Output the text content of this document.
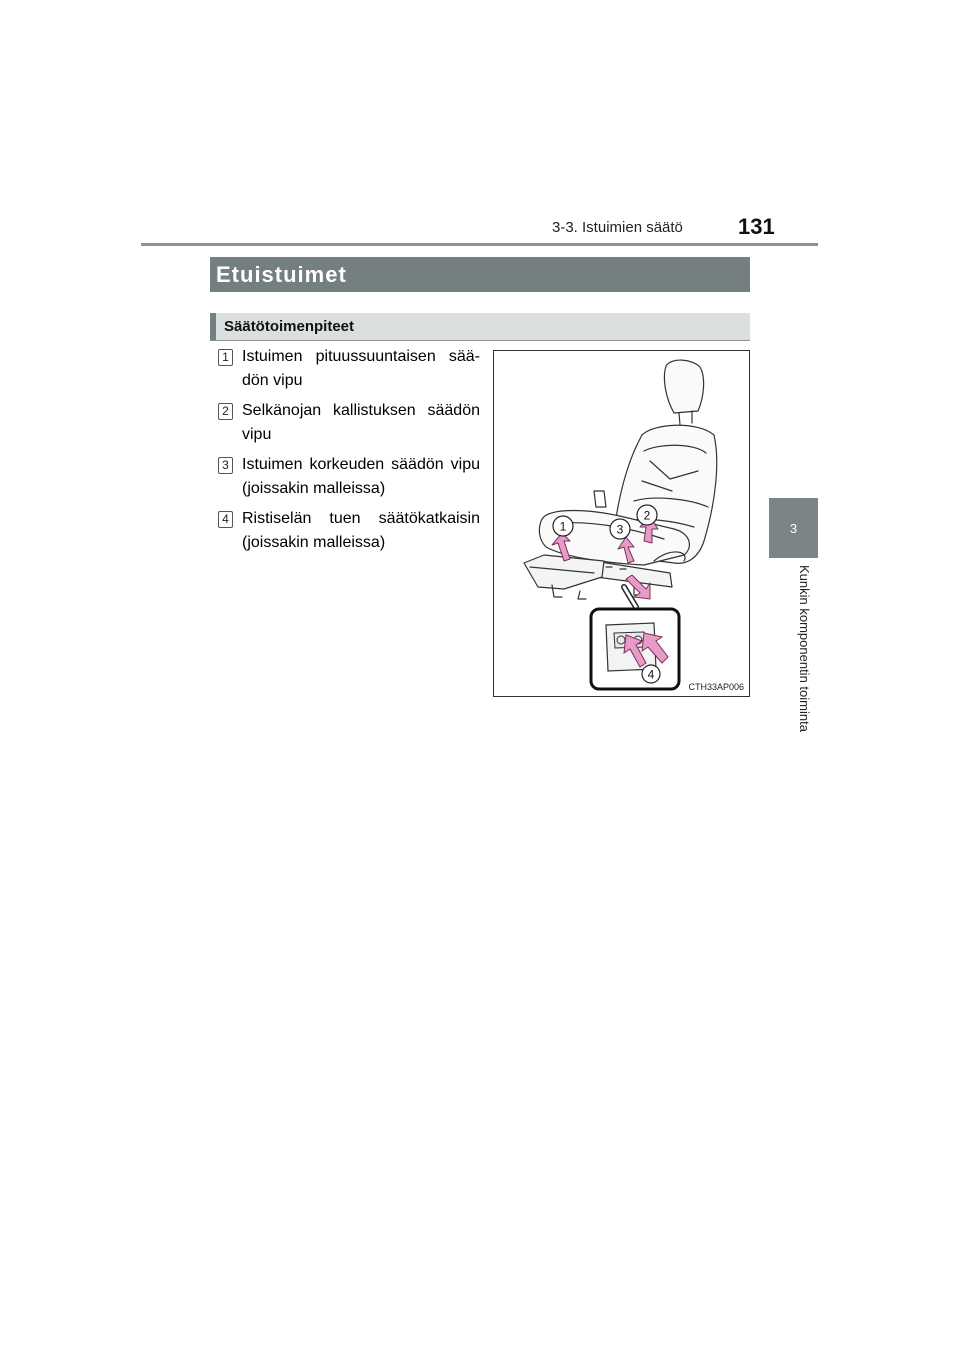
3-3. Istuimien säätö	131
3
Kunkin komponentin toiminta
Etuistuimet
Säätötoimenpiteet
1 Istuimen pituussuuntaisen sää-dön vipu
2 Selkänojan kallistuksen säädön vipu
3 Istuimen korkeuden säädön vipu (joissakin malleissa)
4 Ristiselän tuen säätökatkaisin (joissakin malleissa)
1	3
2
4
CTH33AP006
